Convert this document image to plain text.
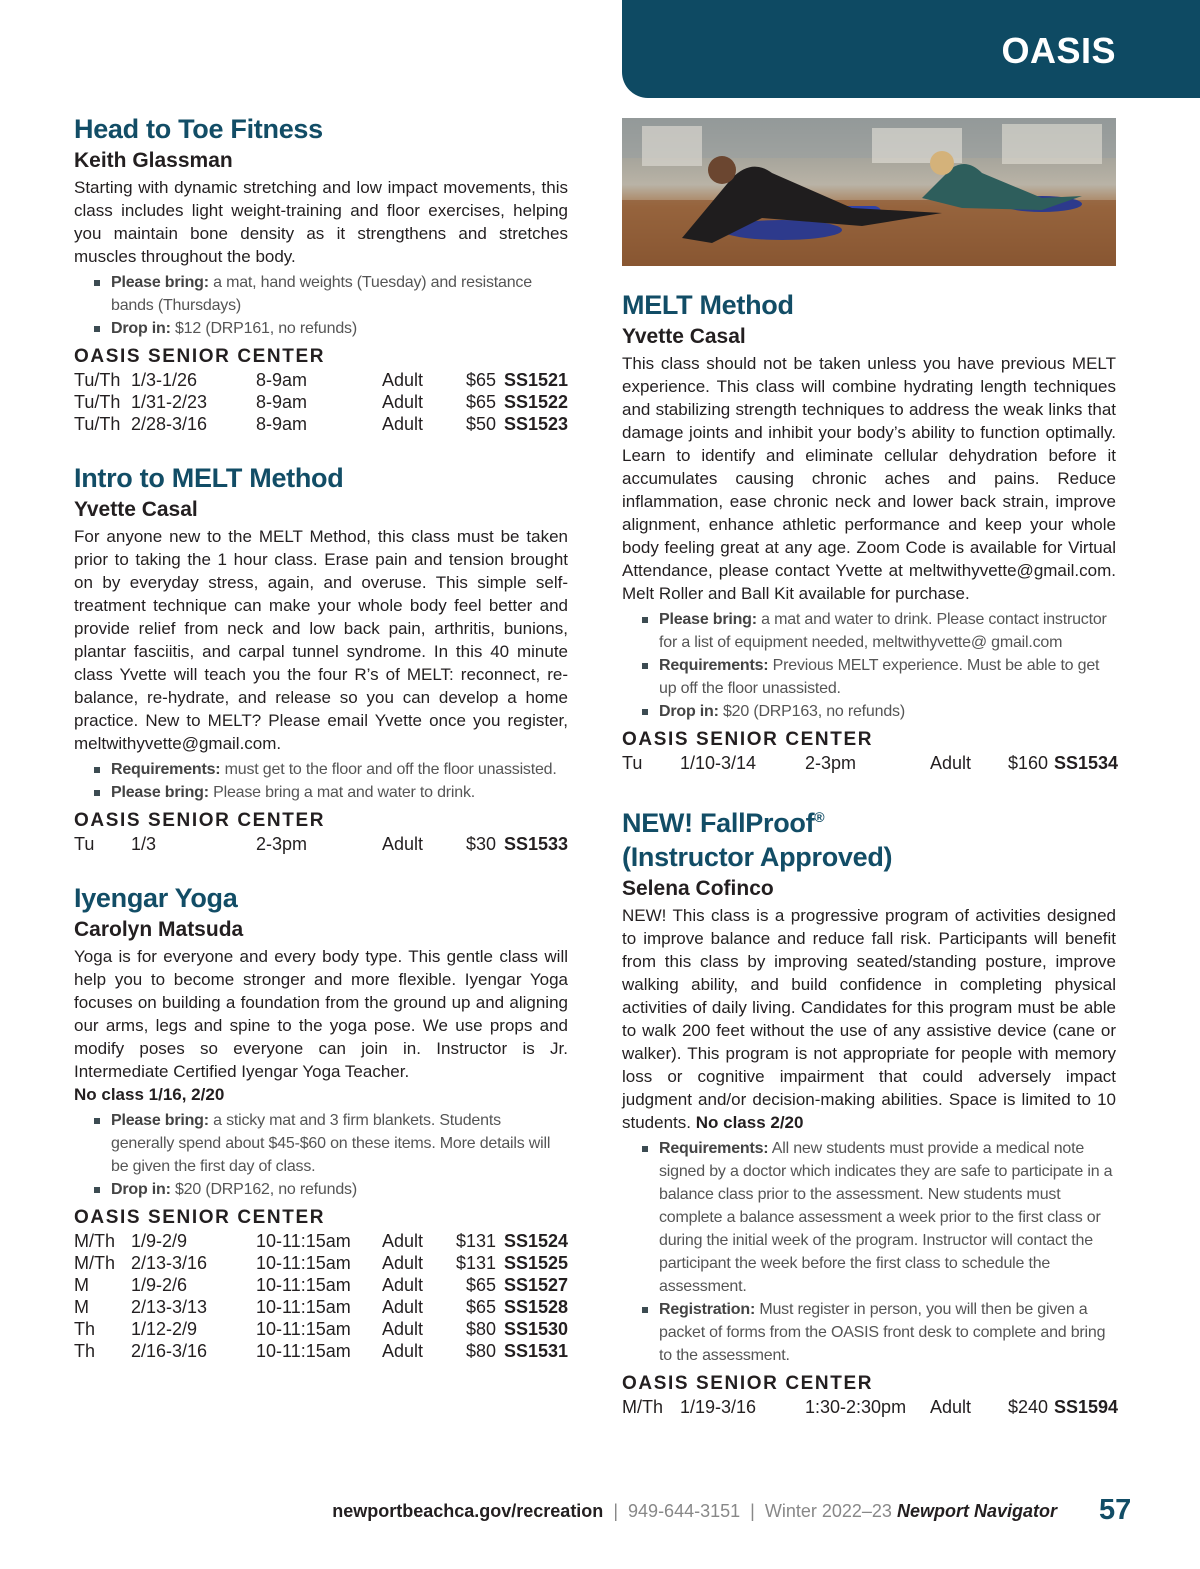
OASIS
Head to Toe Fitness

Keith Glassman

Starting with dynamic stretching and low impact movements, this class includes light weight-training and floor exercises, helping you maintain bone density as it strengthens and stretches muscles throughout the body.

Please bring: a mat, hand weights (Tuesday) and resistance bands (Thursdays)
Drop in: $12 (DRP161, no refunds)
OASIS SENIOR CENTER
Tu/Th	1/3-1/26	8-9am	Adult	$65	SS1521
Tu/Th	1/31-2/23	8-9am	Adult	$65	SS1522
Tu/Th	2/28-3/16	8-9am	Adult	$50	SS1523
Intro to MELT Method

Yvette Casal

For anyone new to the MELT Method, this class must be taken prior to taking the 1 hour class. Erase pain and tension brought on by everyday stress, again, and overuse. This simple self-treatment technique can make your whole body feel better and provide relief from neck and low back pain, arthritis, bunions, plantar fasciitis, and carpal tunnel syndrome. In this 40 minute class Yvette will teach you the four R’s of MELT: reconnect, re-balance, re-hydrate, and release so you can develop a home practice. New to MELT? Please email Yvette once you register, meltwithyvette@gmail.com.

Requirements: must get to the floor and off the floor unassisted.
Please bring: Please bring a mat and water to drink.
OASIS SENIOR CENTER
Tu	1/3	2-3pm	Adult	$30	SS1533
Iyengar Yoga

Carolyn Matsuda

Yoga is for everyone and every body type. This gentle class will help you to become stronger and more flexible. Iyengar Yoga focuses on building a foundation from the ground up and aligning our arms, legs and spine to the yoga pose. We use props and modify poses so everyone can join in. Instructor is Jr. Intermediate Certified Iyengar Yoga Teacher.

No class 1/16, 2/20

Please bring: a sticky mat and 3 firm blankets. Students generally spend about $45-$60 on these items. More details will be given the first day of class.
Drop in: $20 (DRP162, no refunds)
OASIS SENIOR CENTER
M/Th	1/9-2/9	10-11:15am	Adult	$131	SS1524
M/Th	2/13-3/16	10-11:15am	Adult	$131	SS1525
M	1/9-2/6	10-11:15am	Adult	$65	SS1527
M	2/13-3/13	10-11:15am	Adult	$65	SS1528
Th	1/12-2/9	10-11:15am	Adult	$80	SS1530
Th	2/16-3/16	10-11:15am	Adult	$80	SS1531
MELT Method

Yvette Casal

This class should not be taken unless you have previous MELT experience. This class will combine hydrating length techniques and stabilizing strength techniques to address the weak links that damage joints and inhibit your body’s ability to function optimally. Learn to identify and eliminate cellular dehydration before it accumulates causing chronic aches and pains. Reduce inflammation, ease chronic neck and lower back strain, improve alignment, enhance athletic performance and keep your whole body feeling great at any age. Zoom Code is available for Virtual Attendance, please contact Yvette at meltwithyvette@gmail.com. Melt Roller and Ball Kit available for purchase.

Please bring: a mat and water to drink. Please contact instructor for a list of equipment needed, meltwithyvette@ gmail.com
Requirements: Previous MELT experience. Must be able to get up off the floor unassisted.
Drop in: $20 (DRP163, no refunds)
OASIS SENIOR CENTER
Tu	1/10-3/14	2-3pm	Adult	$160	SS1534
NEW! FallProof®
(Instructor Approved)

Selena Cofinco

NEW! This class is a progressive program of activities designed to improve balance and reduce fall risk. Participants will benefit from this class by improving seated/standing posture, improve walking ability, and build confidence in completing physical activities of daily living. Candidates for this program must be able to walk 200 feet without the use of any assistive device (cane or walker). This program is not appropriate for people with memory loss or cognitive impairment that could adversely impact judgment and/or decision-making abilities. Space is limited to 10 students. No class 2/20

Requirements: All new students must provide a medical note signed by a doctor which indicates they are safe to participate in a balance class prior to the assessment. New students must complete a balance assessment a week prior to the first class or during the initial week of the program. Instructor will contact the participant the week before the first class to schedule the assessment.
Registration: Must register in person, you will then be given a packet of forms from the OASIS front desk to complete and bring to the assessment.
OASIS SENIOR CENTER
M/Th	1/19-3/16	1:30-2:30pm	Adult	$240	SS1594
newportbeachca.gov/recreation | 949-644-3151 | Winter 2022–23 Newport Navigator 57
